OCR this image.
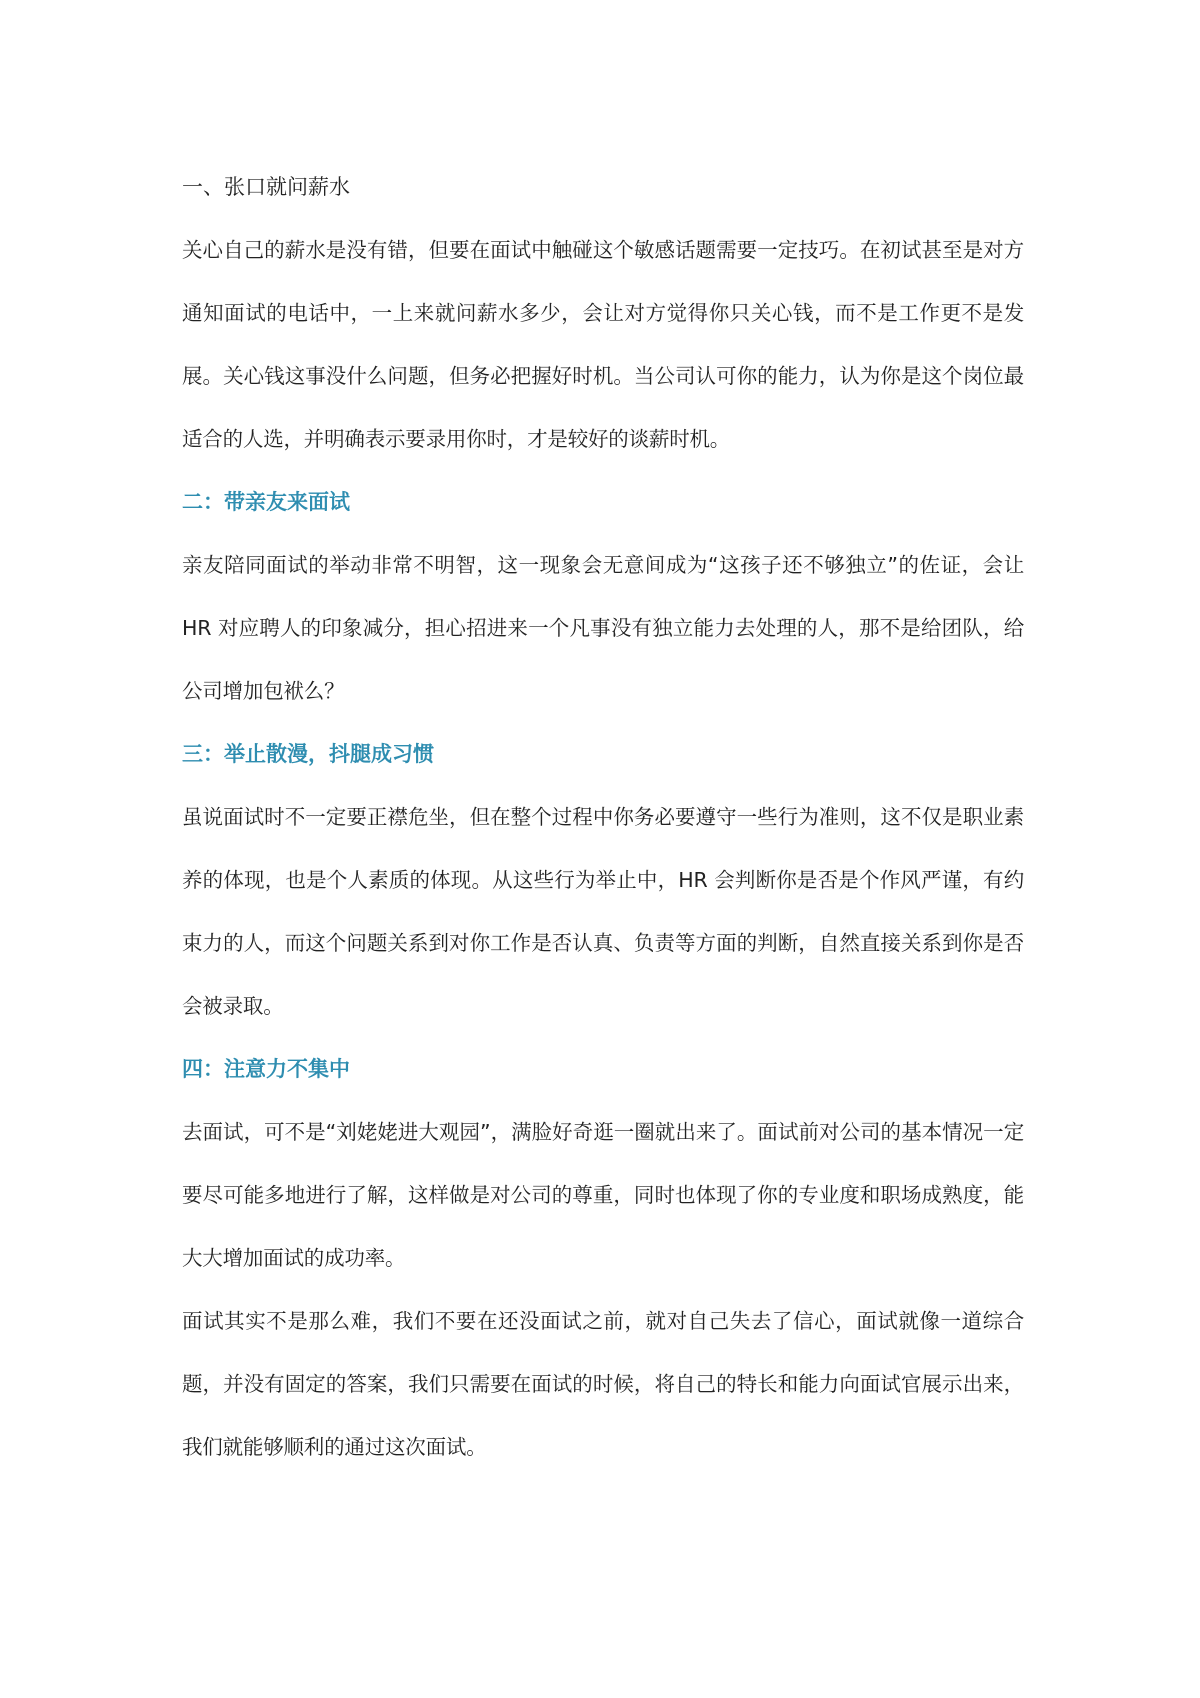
一、张口就问薪水

关心自己的薪水是没有错，但要在面试中触碰这个敏感话题需要一定技巧。在初试甚至是对方通知面试的电话中，一上来就问薪水多少，会让对方觉得你只关心钱，而不是工作更不是发展。关心钱这事没什么问题，但务必把握好时机。当公司认可你的能力，认为你是这个岗位最适合的人选，并明确表示要录用你时，才是较好的谈薪时机。

二：带亲友来面试

亲友陪同面试的举动非常不明智，这一现象会无意间成为“这孩子还不够独立”的佐证，会让 HR 对应聘人的印象减分，担心招进来一个凡事没有独立能力去处理的人，那不是给团队，给公司增加包袱么？

三：举止散漫，抖腿成习惯

虽说面试时不一定要正襟危坐，但在整个过程中你务必要遵守一些行为准则，这不仅是职业素养的体现，也是个人素质的体现。从这些行为举止中，HR 会判断你是否是个作风严谨，有约束力的人，而这个问题关系到对你工作是否认真、负责等方面的判断，自然直接关系到你是否会被录取。

四：注意力不集中

去面试，可不是“刘姥姥进大观园”，满脸好奇逛一圈就出来了。面试前对公司的基本情况一定要尽可能多地进行了解，这样做是对公司的尊重，同时也体现了你的专业度和职场成熟度，能大大增加面试的成功率。

面试其实不是那么难，我们不要在还没面试之前，就对自己失去了信心，面试就像一道综合题，并没有固定的答案，我们只需要在面试的时候，将自己的特长和能力向面试官展示出来，我们就能够顺利的通过这次面试。
